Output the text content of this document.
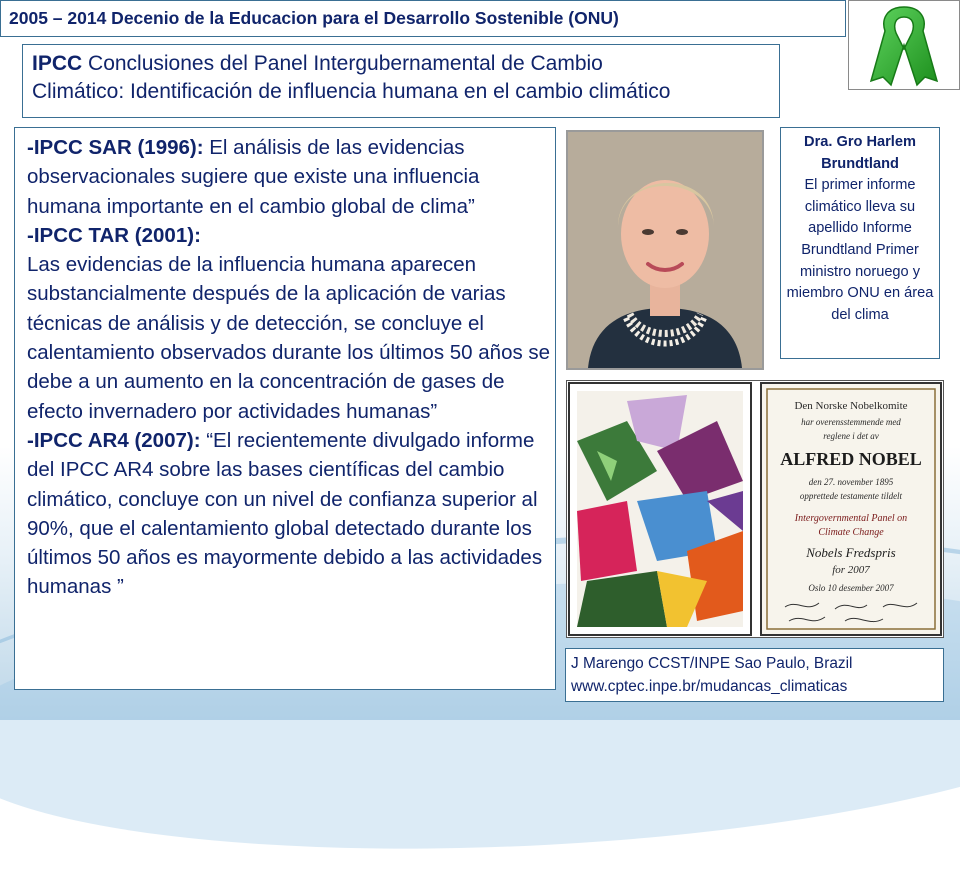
2005 – 2014 Decenio de la Educacion para el Desarrollo Sostenible (ONU)
IPCC Conclusiones del Panel Intergubernamental de Cambio
Climático: Identificación de influencia humana en el cambio climático

-IPCC SAR (1996): El análisis de las evidencias observacionales sugiere que existe una influencia humana importante en el cambio global de clima”

-IPCC TAR (2001):

Las evidencias de la influencia humana aparecen substancialmente después de la aplicación de varias técnicas de análisis y de detección, se concluye el calentamiento observados durante los últimos 50 años se debe a un aumento en la concentración de gases de efecto invernadero por actividades humanas”

-IPCC AR4 (2007): “El recientemente divulgado informe del IPCC AR4 sobre las bases científicas del cambio climático, concluye con un nivel de confianza superior al 90%, que el calentamiento global detectado durante los últimos 50 años es mayormente debido a las actividades humanas ”

Dra. Gro Harlem Brundtland
El primer informe climático lleva su apellido Informe Brundtland Primer ministro noruego y miembro ONU en área del clima
Den Norske Nobelkomite
har overensstemmende med
reglene i det av
ALFRED NOBEL
den 27. november 1895
opprettede testamente tildelt
Intergovernmental Panel on
Climate Change
Nobels Fredspris
for 2007
Oslo 10 desember 2007
J Marengo CCST/INPE Sao Paulo, Brazil
www.cptec.inpe.br/mudancas_climaticas
